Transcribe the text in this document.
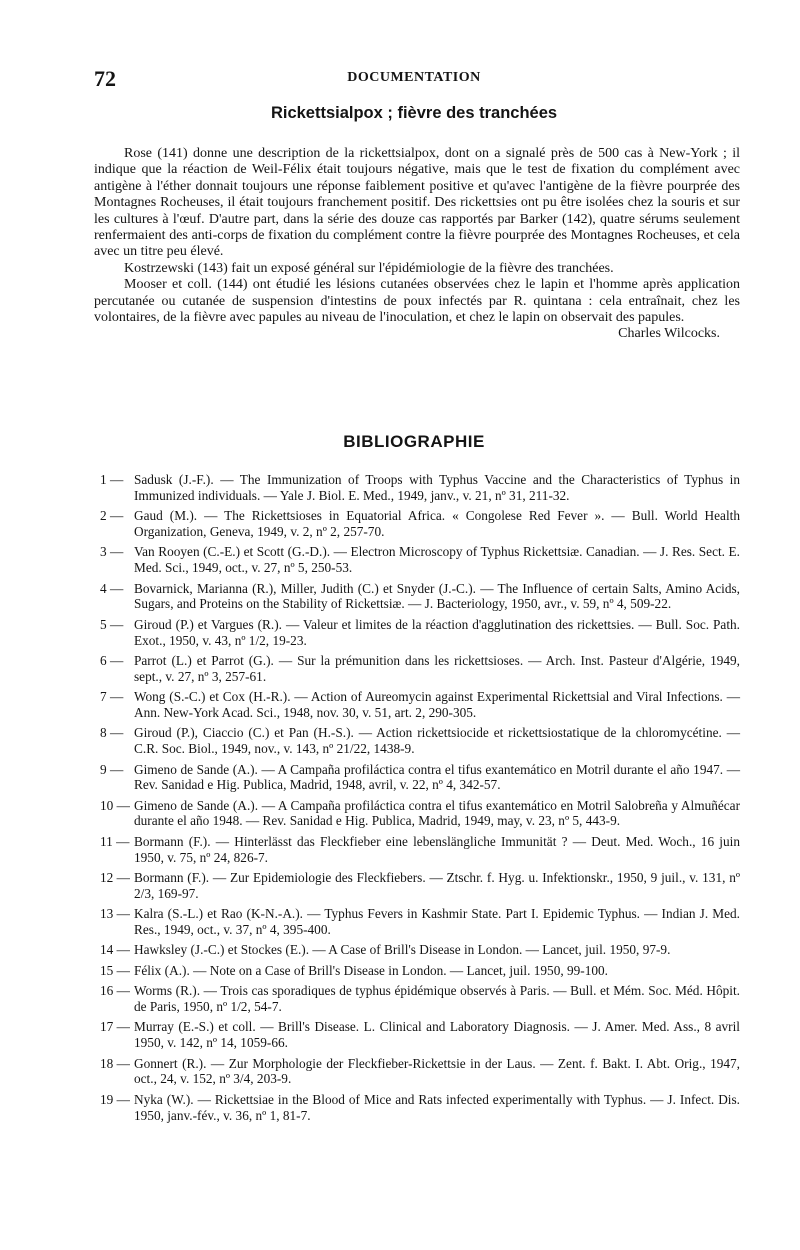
72	DOCUMENTATION
Rickettsialpox ; fièvre des tranchées

Rose (141) donne une description de la rickettsialpox, dont on a signalé près de 500 cas à New-York ; il indique que la réaction de Weil-Félix était toujours négative, mais que le test de fixation du complément avec antigène à l'éther donnait toujours une réponse faiblement positive et qu'avec l'antigène de la fièvre pourprée des Montagnes Rocheuses, il était toujours franchement positif. Des rickettsies ont pu être isolées chez la souris et sur les cultures à l'œuf. D'autre part, dans la série des douze cas rapportés par Barker (142), quatre sérums seulement renfermaient des anti-corps de fixation du complément contre la fièvre pourprée des Montagnes Rocheuses, et cela avec un titre peu élevé.

Kostrzewski (143) fait un exposé général sur l'épidémiologie de la fièvre des tranchées.

Mooser et coll. (144) ont étudié les lésions cutanées observées chez le lapin et l'homme après application percutanée ou cutanée de suspension d'intestins de poux infectés par R. quintana : cela entraînait, chez les volontaires, de la fièvre avec papules au niveau de l'inoculation, et chez le lapin on observait des papules.

Charles Wilcocks.
BIBLIOGRAPHIE
1 — Sadusk (J.-F.). — The Immunization of Troops with Typhus Vaccine and the Characteristics of Typhus in Immunized individuals. — Yale J. Biol. E. Med., 1949, janv., v. 21, nº 31, 211-32.
2 — Gaud (M.). — The Rickettsioses in Equatorial Africa. « Congolese Red Fever ». — Bull. World Health Organization, Geneva, 1949, v. 2, nº 2, 257-70.
3 — Van Rooyen (C.-E.) et Scott (G.-D.). — Electron Microscopy of Typhus Rickettsiæ. Canadian. — J. Res. Sect. E. Med. Sci., 1949, oct., v. 27, nº 5, 250-53.
4 — Bovarnick, Marianna (R.), Miller, Judith (C.) et Snyder (J.-C.). — The Influence of certain Salts, Amino Acids, Sugars, and Proteins on the Stability of Rickettsiæ. — J. Bacteriology, 1950, avr., v. 59, nº 4, 509-22.
5 — Giroud (P.) et Vargues (R.). — Valeur et limites de la réaction d'agglutination des rickettsies. — Bull. Soc. Path. Exot., 1950, v. 43, nº 1/2, 19-23.
6 — Parrot (L.) et Parrot (G.). — Sur la prémunition dans les rickettsioses. — Arch. Inst. Pasteur d'Algérie, 1949, sept., v. 27, nº 3, 257-61.
7 — Wong (S.-C.) et Cox (H.-R.). — Action of Aureomycin against Experimental Rickettsial and Viral Infections. — Ann. New-York Acad. Sci., 1948, nov. 30, v. 51, art. 2, 290-305.
8 — Giroud (P.), Ciaccio (C.) et Pan (H.-S.). — Action rickettsiocide et rickettsiostatique de la chloromycétine. — C.R. Soc. Biol., 1949, nov., v. 143, nº 21/22, 1438-9.
9 — Gimeno de Sande (A.). — A Campaña profiláctica contra el tifus exantemático en Motril durante el año 1947. — Rev. Sanidad e Hig. Publica, Madrid, 1948, avril, v. 22, nº 4, 342-57.
10 — Gimeno de Sande (A.). — A Campaña profiláctica contra el tifus exantemático en Motril Salobreña y Almuñécar durante el año 1948. — Rev. Sanidad e Hig. Publica, Madrid, 1949, may, v. 23, nº 5, 443-9.
11 — Bormann (F.). — Hinterlässt das Fleckfieber eine lebenslängliche Immunität ? — Deut. Med. Woch., 16 juin 1950, v. 75, nº 24, 826-7.
12 — Bormann (F.). — Zur Epidemiologie des Fleckfiebers. — Ztschr. f. Hyg. u. Infektionskr., 1950, 9 juil., v. 131, nº 2/3, 169-97.
13 — Kalra (S.-L.) et Rao (K-N.-A.). — Typhus Fevers in Kashmir State. Part I. Epidemic Typhus. — Indian J. Med. Res., 1949, oct., v. 37, nº 4, 395-400.
14 — Hawksley (J.-C.) et Stockes (E.). — A Case of Brill's Disease in London. — Lancet, juil. 1950, 97-9.
15 — Félix (A.). — Note on a Case of Brill's Disease in London. — Lancet, juil. 1950, 99-100.
16 — Worms (R.). — Trois cas sporadiques de typhus épidémique observés à Paris. — Bull. et Mém. Soc. Méd. Hôpit. de Paris, 1950, nº 1/2, 54-7.
17 — Murray (E.-S.) et coll. — Brill's Disease. L. Clinical and Laboratory Diagnosis. — J. Amer. Med. Ass., 8 avril 1950, v. 142, nº 14, 1059-66.
18 — Gonnert (R.). — Zur Morphologie der Fleckfieber-Rickettsie in der Laus. — Zent. f. Bakt. I. Abt. Orig., 1947, oct., 24, v. 152, nº 3/4, 203-9.
19 — Nyka (W.). — Rickettsiae in the Blood of Mice and Rats infected experimentally with Typhus. — J. Infect. Dis. 1950, janv.-fév., v. 36, nº 1, 81-7.
